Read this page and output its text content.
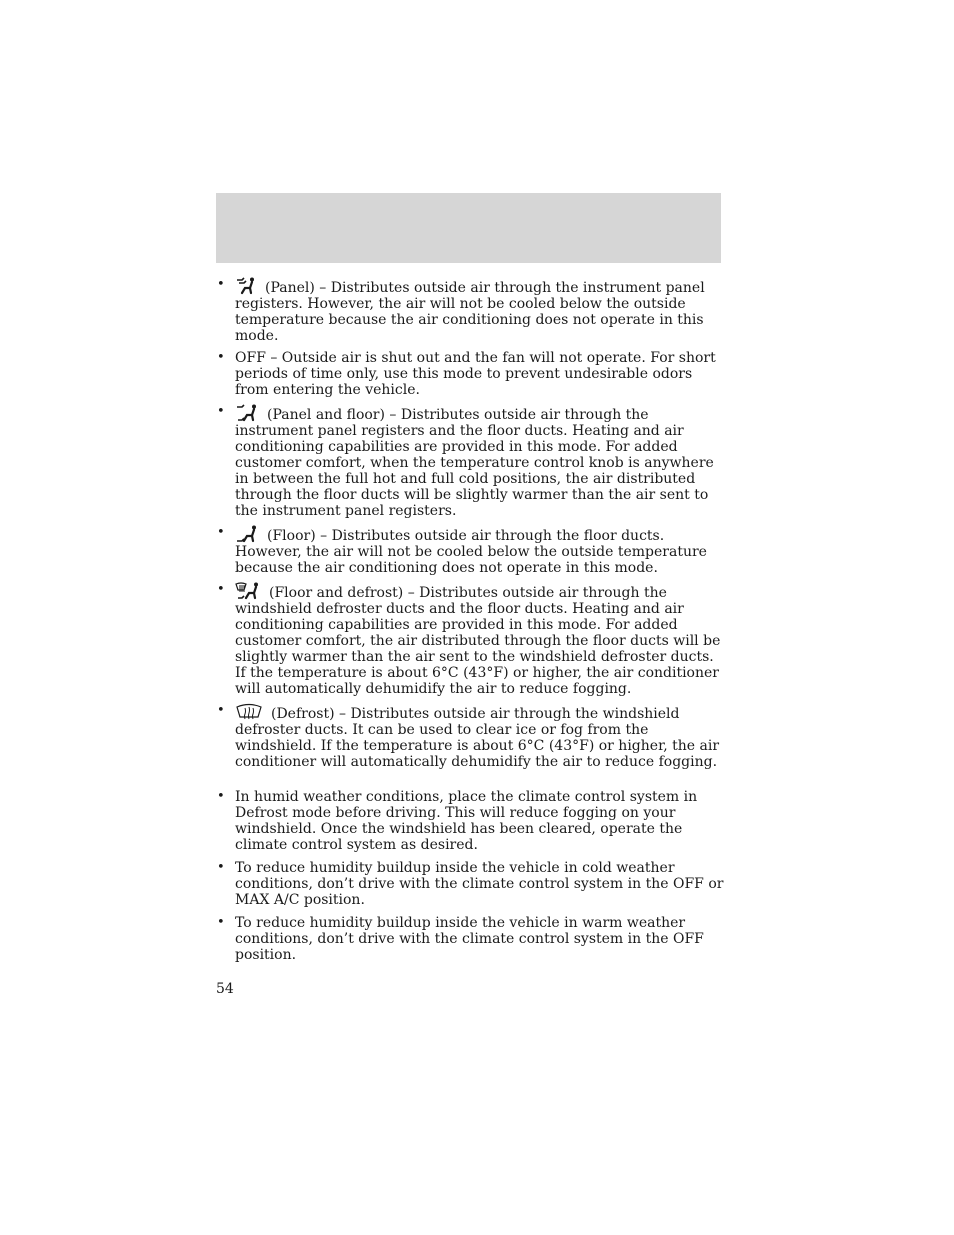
•	(Panel) – Distributes outside air through the instrument panel registers. However, the air will not be cooled below the outside temperature because the air conditioning does not operate in this mode.
• OFF – Outside air is shut out and the fan will not operate. For short periods of time only, use this mode to prevent undesirable odors from entering the vehicle.
•	(Panel and floor) – Distributes outside air through the instrument panel registers and the floor ducts. Heating and air conditioning capabilities are provided in this mode. For added customer comfort, when the temperature control knob is anywhere in between the full hot and full cold positions, the air distributed through the floor ducts will be slightly warmer than the air sent to the instrument panel registers.
•	(Floor) – Distributes outside air through the floor ducts. However, the air will not be cooled below the outside temperature because the air conditioning does not operate in this mode.
•	(Floor and defrost) – Distributes outside air through the windshield defroster ducts and the floor ducts. Heating and air conditioning capabilities are provided in this mode. For added customer comfort, the air distributed through the floor ducts will be slightly warmer than the air sent to the windshield defroster ducts. If the temperature is about 6°C (43°F) or higher, the air conditioner will automatically dehumidify the air to reduce fogging.
•	(Defrost) – Distributes outside air through the windshield defroster ducts. It can be used to clear ice or fog from the windshield. If the temperature is about 6°C (43°F) or higher, the air conditioner will automatically dehumidify the air to reduce fogging.
• In humid weather conditions, place the climate control system in Defrost mode before driving. This will reduce fogging on your windshield. Once the windshield has been cleared, operate the climate control system as desired.
• To reduce humidity buildup inside the vehicle in cold weather conditions, don’t drive with the climate control system in the OFF or MAX A/C position.
• To reduce humidity buildup inside the vehicle in warm weather conditions, don’t drive with the climate control system in the OFF position.
54
